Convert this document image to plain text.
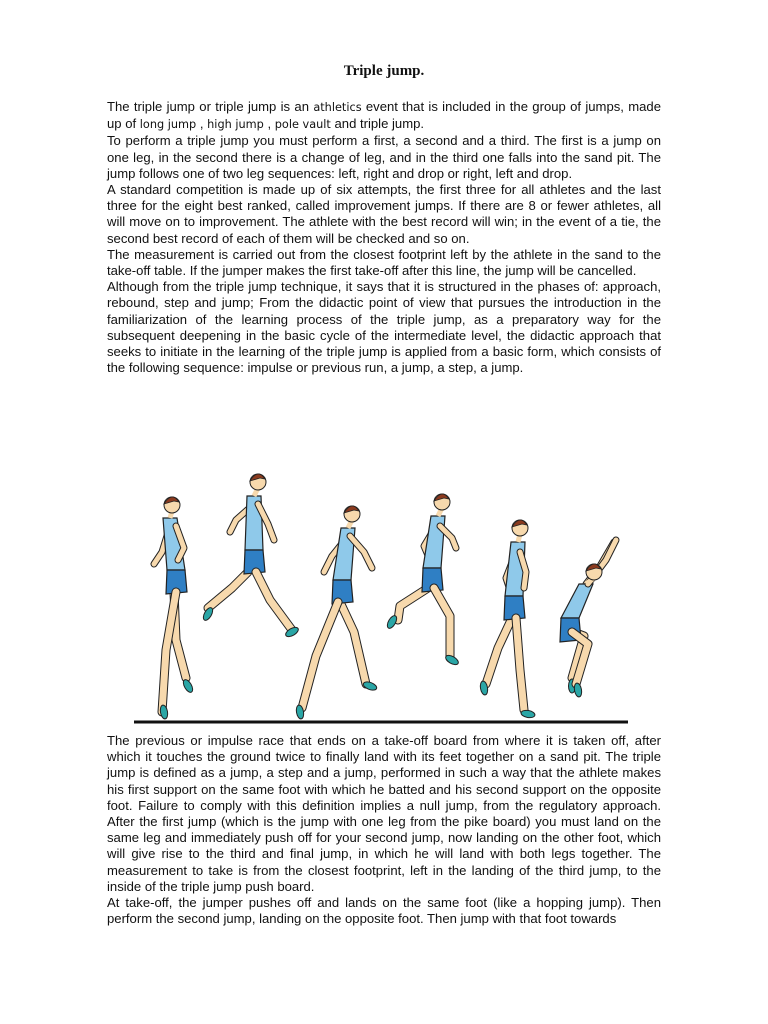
Triple jump.

The triple jump or triple jump is an athletics event that is included in the group of jumps, made up of long jump , high jump , pole vault and triple jump.

To perform a triple jump you must perform a first, a second and a third. The first is a jump on one leg, in the second there is a change of leg, and in the third one falls into the sand pit. The jump follows one of two leg sequences: left, right and drop or right, left and drop.

A standard competition is made up of six attempts, the first three for all athletes and the last three for the eight best ranked, called improvement jumps. If there are 8 or fewer athletes, all will move on to improvement. The athlete with the best record will win; in the event of a tie, the second best record of each of them will be checked and so on.

The measurement is carried out from the closest footprint left by the athlete in the sand to the take-off table. If the jumper makes the first take-off after this line, the jump will be cancelled.

Although from the triple jump technique, it says that it is structured in the phases of: approach, rebound, step and jump; From the didactic point of view that pursues the introduction in the familiarization of the learning process of the triple jump, as a preparatory way for the subsequent deepening in the basic cycle of the intermediate level, the didactic approach that seeks to initiate in the learning of the triple jump is applied from a basic form, which consists of the following sequence: impulse or previous run, a jump, a step, a jump.

The previous or impulse race that ends on a take-off board from where it is taken off, after which it touches the ground twice to finally land with its feet together on a sand pit. The triple jump is defined as a jump, a step and a jump, performed in such a way that the athlete makes his first support on the same foot with which he batted and his second support on the opposite foot. Failure to comply with this definition implies a null jump, from the regulatory approach. After the first jump (which is the jump with one leg from the pike board) you must land on the same leg and immediately push off for your second jump, now landing on the other foot, which will give rise to the third and final jump, in which he will land with both legs together. The measurement to take is from the closest footprint, left in the landing of the third jump, to the inside of the triple jump push board.

At take-off, the jumper pushes off and lands on the same foot (like a hopping jump). Then perform the second jump, landing on the opposite foot. Then jump with that foot towards
